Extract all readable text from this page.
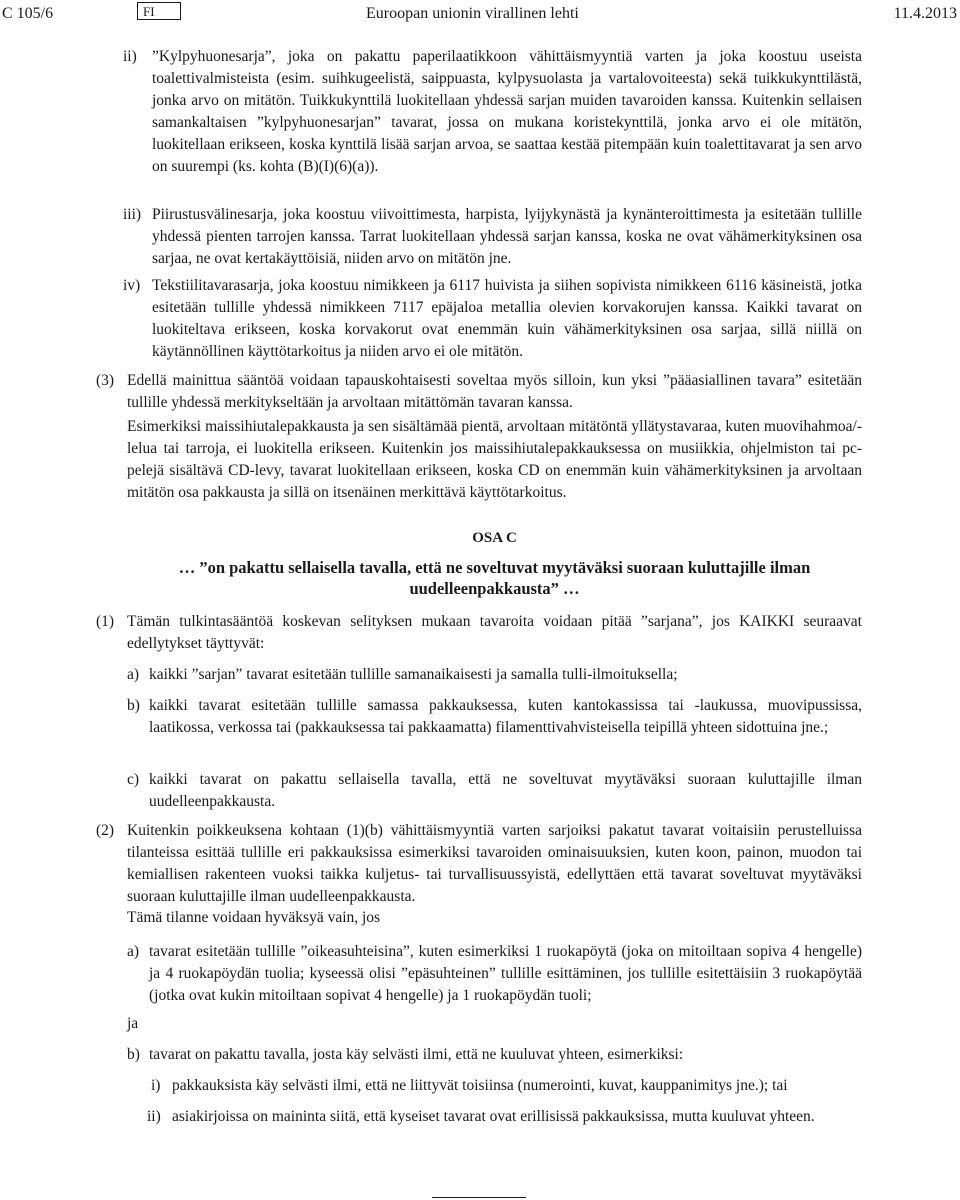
C 105/6	FI	Euroopan unionin virallinen lehti	11.4.2013
ii) ”Kylpyhuonesarja”, joka on pakattu paperilaatikkoon vähittäismyyntiä varten ja joka koostuu useista toalettivalmisteista (esim. suihkugeelistä, saippuasta, kylpysuolasta ja vartalovoiteesta) sekä tuikkukynttilästä, jonka arvo on mitätön. Tuikkukynttilä luokitellaan yhdessä sarjan muiden tavaroiden kanssa. Kuitenkin sellaisen samankaltaisen ”kylpyhuonesarjan” tavarat, jossa on mukana koristekynttilä, jonka arvo ei ole mitätön, luokitellaan erikseen, koska kynttilä lisää sarjan arvoa, se saattaa kestää pitempään kuin toalettitavarat ja sen arvo on suurempi (ks. kohta (B)(I)(6)(a)).
iii) Piirustusvälinesarja, joka koostuu viivoittimesta, harpista, lyijykynästä ja kynänteroittimesta ja esitetään tullille yhdessä pienten tarrojen kanssa. Tarrat luokitellaan yhdessä sarjan kanssa, koska ne ovat vähämerkityksinen osa sarjaa, ne ovat kertakäyttöisiä, niiden arvo on mitätön jne.
iv) Tekstiilitavarasarja, joka koostuu nimikkeen ja 6117 huivista ja siihen sopivista nimikkeen 6116 käsineistä, jotka esitetään tullille yhdessä nimikkeen 7117 epäjaloa metallia olevien korvakorujen kanssa. Kaikki tavarat on luokiteltava erikseen, koska korvakorut ovat enemmän kuin vähämerkityksinen osa sarjaa, sillä niillä on käytännöllinen käyttötarkoitus ja niiden arvo ei ole mitätön.
(3) Edellä mainittua sääntöä voidaan tapauskohtaisesti soveltaa myös silloin, kun yksi ”pääasiallinen tavara” esitetään tullille yhdessä merkitykseltään ja arvoltaan mitättömän tavaran kanssa.
Esimerkiksi maissihiutalepakkausta ja sen sisältämää pientä, arvoltaan mitätöntä yllätystavaraa, kuten muovihahmoa/-lelua tai tarroja, ei luokitella erikseen. Kuitenkin jos maissihiutalepakkauksessa on musiikkia, ohjelmiston tai pc-pelejä sisältävä CD-levy, tavarat luokitellaan erikseen, koska CD on enemmän kuin vähämerkityksinen ja arvoltaan mitätön osa pakkausta ja sillä on itsenäinen merkittävä käyttötarkoitus.
OSA C
… ”on pakattu sellaisella tavalla, että ne soveltuvat myytäväksi suoraan kuluttajille ilman uudelleenpakkausta” …
(1) Tämän tulkintasääntöä koskevan selityksen mukaan tavaroita voidaan pitää ”sarjana”, jos KAIKKI seuraavat edellytykset täyttyvät:
a) kaikki ”sarjan” tavarat esitetään tullille samanaikaisesti ja samalla tulli-ilmoituksella;
b) kaikki tavarat esitetään tullille samassa pakkauksessa, kuten kantokassissa tai -laukussa, muovipussissa, laatikossa, verkossa tai (pakkauksessa tai pakkaamatta) filamenttivahvisteisella teipillä yhteen sidottuina jne.;
c) kaikki tavarat on pakattu sellaisella tavalla, että ne soveltuvat myytäväksi suoraan kuluttajille ilman uudelleenpakkausta.
(2) Kuitenkin poikkeuksena kohtaan (1)(b) vähittäismyyntiä varten sarjoiksi pakatut tavarat voitaisiin perustelluissa tilanteissa esittää tullille eri pakkauksissa esimerkiksi tavaroiden ominaisuuksien, kuten koon, painon, muodon tai kemiallisen rakenteen vuoksi taikka kuljetus- tai turvallisuussyistä, edellyttäen että tavarat soveltuvat myytäväksi suoraan kuluttajille ilman uudelleenpakkausta.
Tämä tilanne voidaan hyväksyä vain, jos
a) tavarat esitetään tullille ”oikeasuhteisina”, kuten esimerkiksi 1 ruokapöytä (joka on mitoiltaan sopiva 4 hengelle) ja 4 ruokapöydän tuolia; kyseessä olisi ”epäsuhteinen” tullille esittäminen, jos tullille esitettäisiin 3 ruokapöytää (jotka ovat kukin mitoiltaan sopivat 4 hengelle) ja 1 ruokapöydän tuoli;
ja
b) tavarat on pakattu tavalla, josta käy selvästi ilmi, että ne kuuluvat yhteen, esimerkiksi:
i) pakkauksista käy selvästi ilmi, että ne liittyvät toisiinsa (numerointi, kuvat, kauppanimitys jne.); tai
ii) asiakirjoissa on maininta siitä, että kyseiset tavarat ovat erillisissä pakkauksissa, mutta kuuluvat yhteen.
